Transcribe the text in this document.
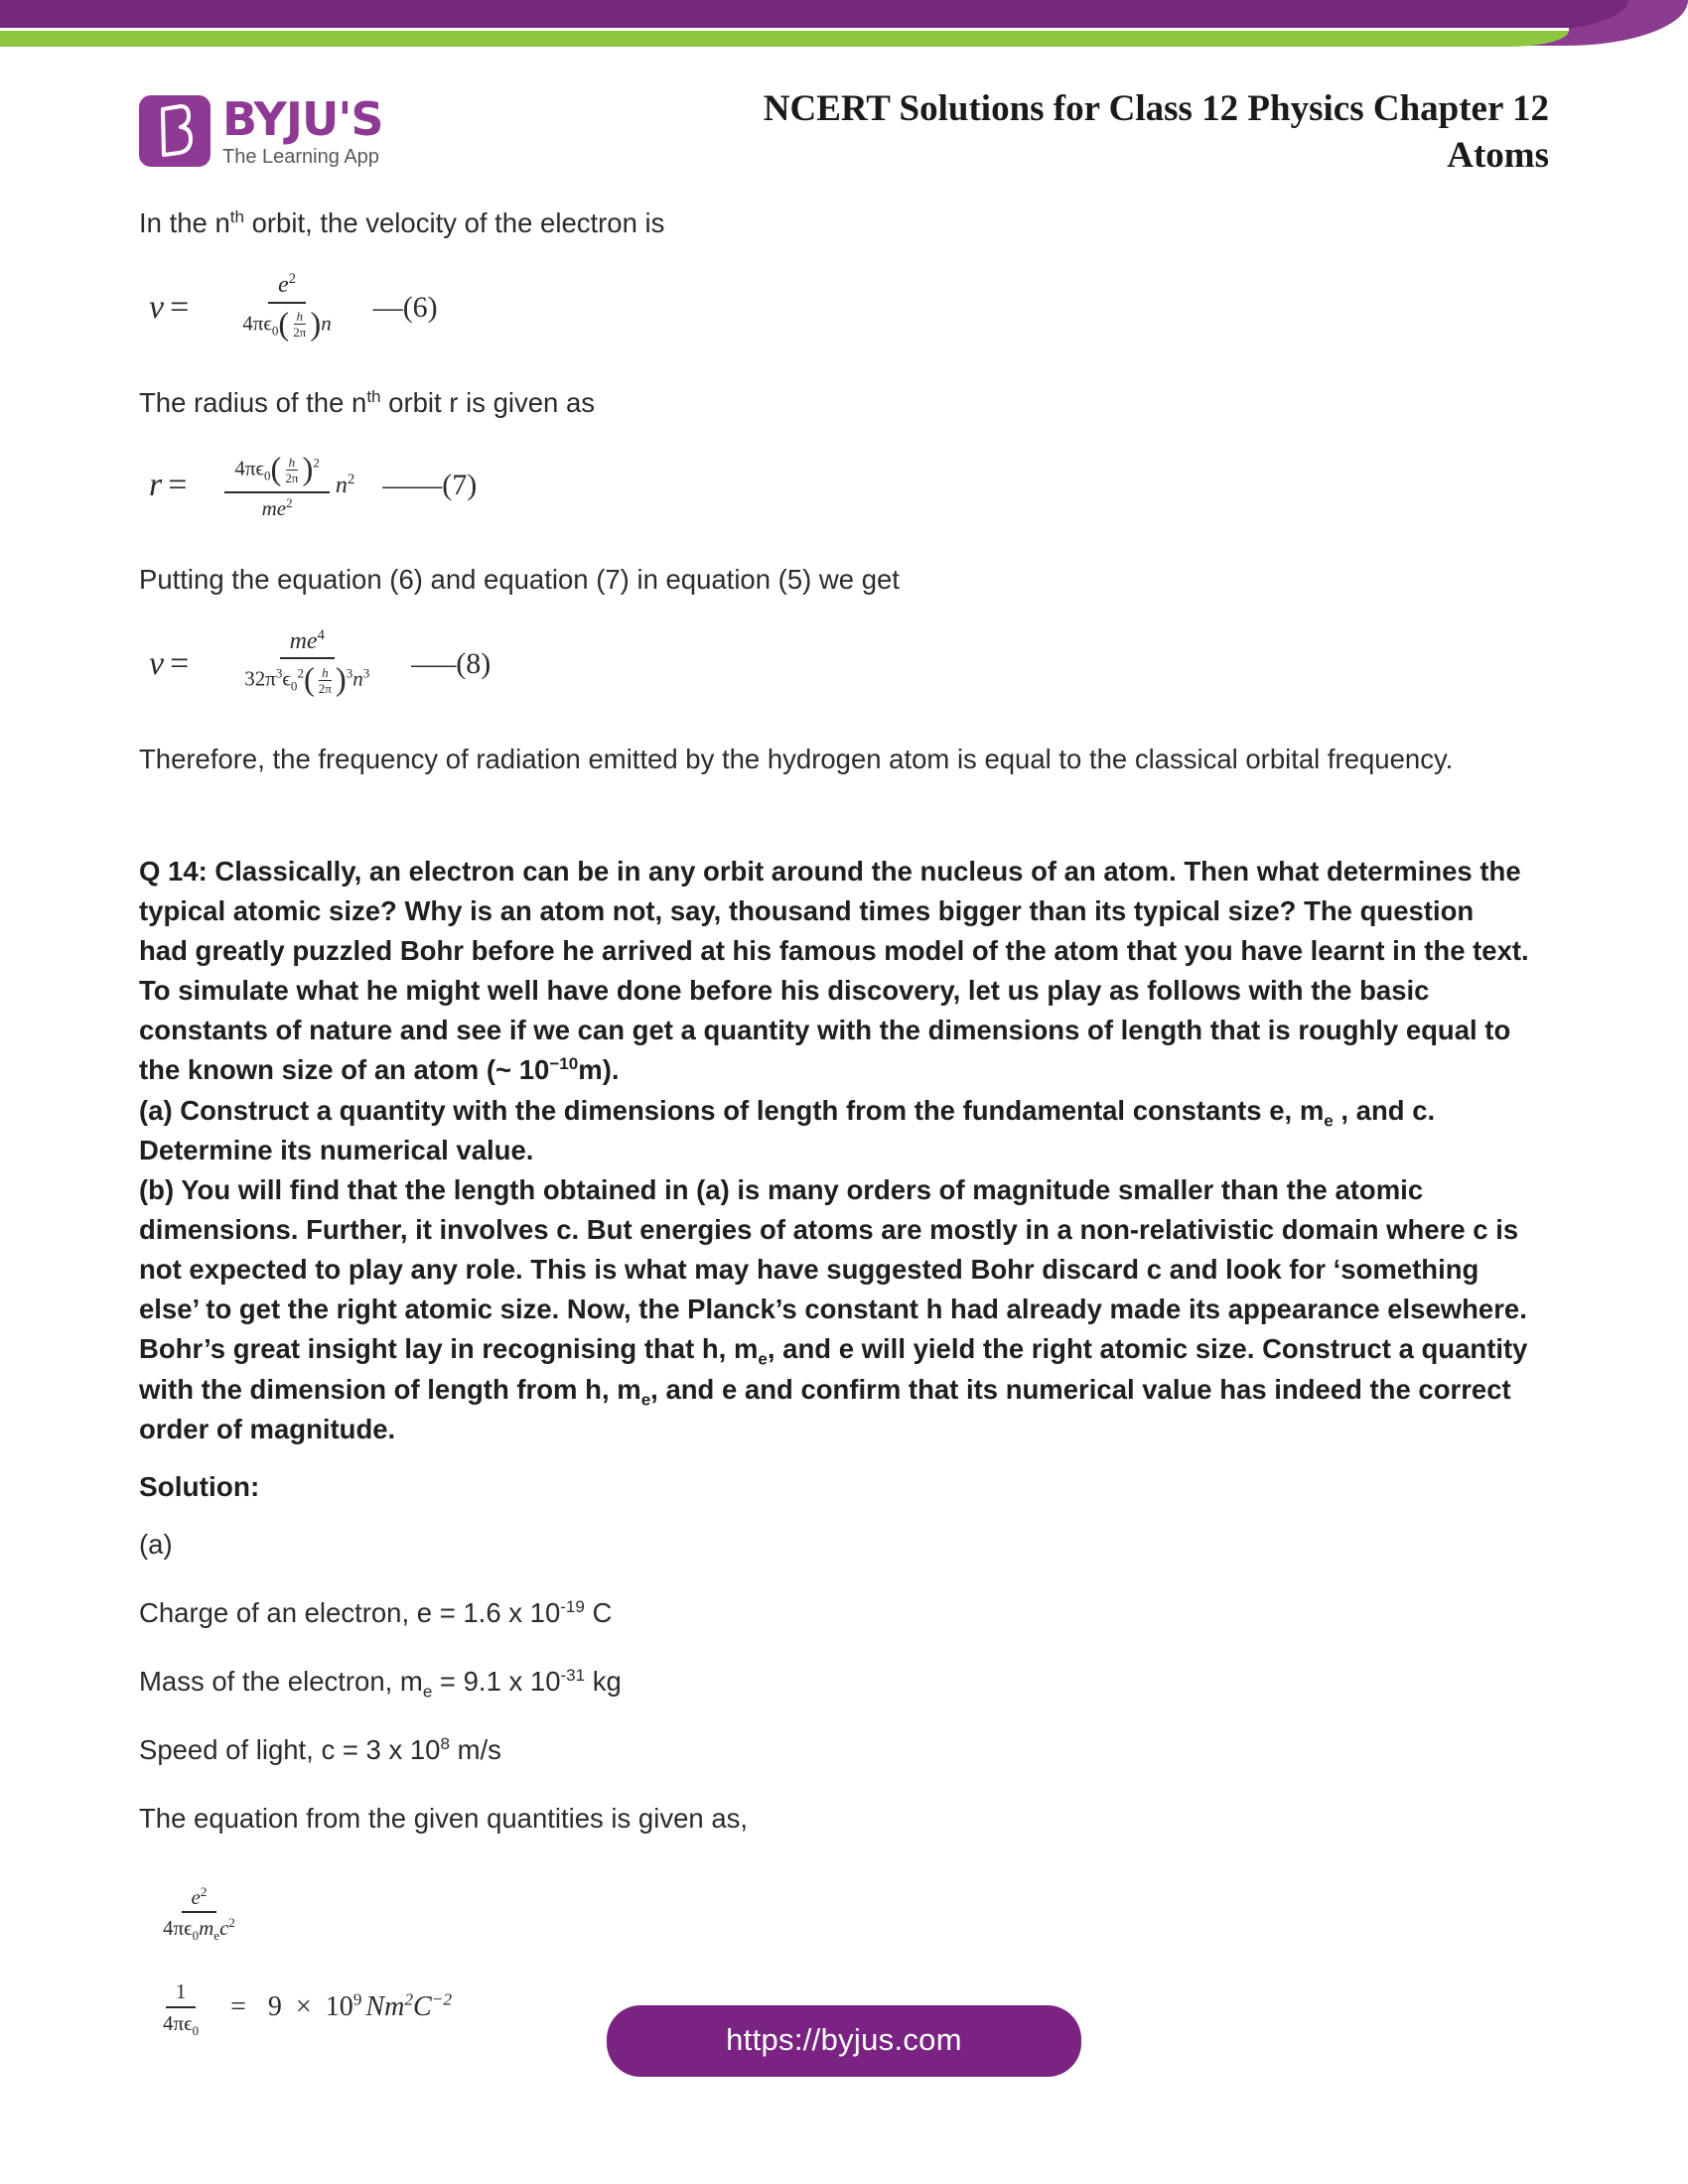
BYJU'S
The Learning App
NCERT Solutions for Class 12 Physics Chapter 12
Atoms

In the $n^{th}$ orbit, the velocity of the electron is

$v = \frac{e^2}{4\pi\epsilon_0( \frac{h}{2\pi} )n} --(6)$

The radius of the $n^{th}$ orbit r is given as

$r = \frac{4\pi\epsilon_0( \frac{h}{2\pi} )^2}{me^2} n^2$ ––––(7)

Putting the equation (6) and equation (7) in equation (5) we get

$v = \frac{me^4}{32\pi^3\epsilon_0^2( \frac{h}{2\pi} )^3n^3} ---(8)$

Therefore, the frequency of radiation emitted by the hydrogen atom is equal to the classical orbital frequency.

Q 14: Classically, an electron can be in any orbit around the nucleus of an atom. Then what determines the typical atomic size? Why is an atom not, say, thousand times bigger than its typical size? The question had greatly puzzled Bohr before he arrived at his famous model of the atom that you have learnt in the text. To simulate what he might well have done before his discovery, let us play as follows with the basic constants of nature and see if we can get a quantity with the dimensions of length that is roughly equal to the known size of an atom (~ $10^{-10}m$).

(a) Construct a quantity with the dimensions of length from the fundamental constants e, $m_e$ , and c. Determine its numerical value.

(b) You will find that the length obtained in (a) is many orders of magnitude smaller than the atomic dimensions. Further, it involves c. But energies of atoms are mostly in a non-relativistic domain where c is not expected to play any role. This is what may have suggested Bohr discard c and look for ‘something else’ to get the right atomic size. Now, the Planck’s constant h had already made its appearance elsewhere. Bohr’s great insight lay in recognising that h, $m_e$, and e will yield the right atomic size. Construct a quantity with the dimension of length from h, $m_e$, and e and confirm that its numerical value has indeed the correct order of magnitude.

Solution:

(a)

Charge of an electron, e = 1.6 x $10^{-19}$ C

Mass of the electron, $m_e = 9.1$ x $10^{-31}$ kg

Speed of light, c = 3 x $10^8$ m/s

The equation from the given quantities is given as,

$\frac{e^2}{4\pi\epsilon_0m_ec^2}$
$\frac{1}{4\pi\epsilon_0} = 9 \times 10^9$ $Nm^2C^{-2}$
https://byjus.com
